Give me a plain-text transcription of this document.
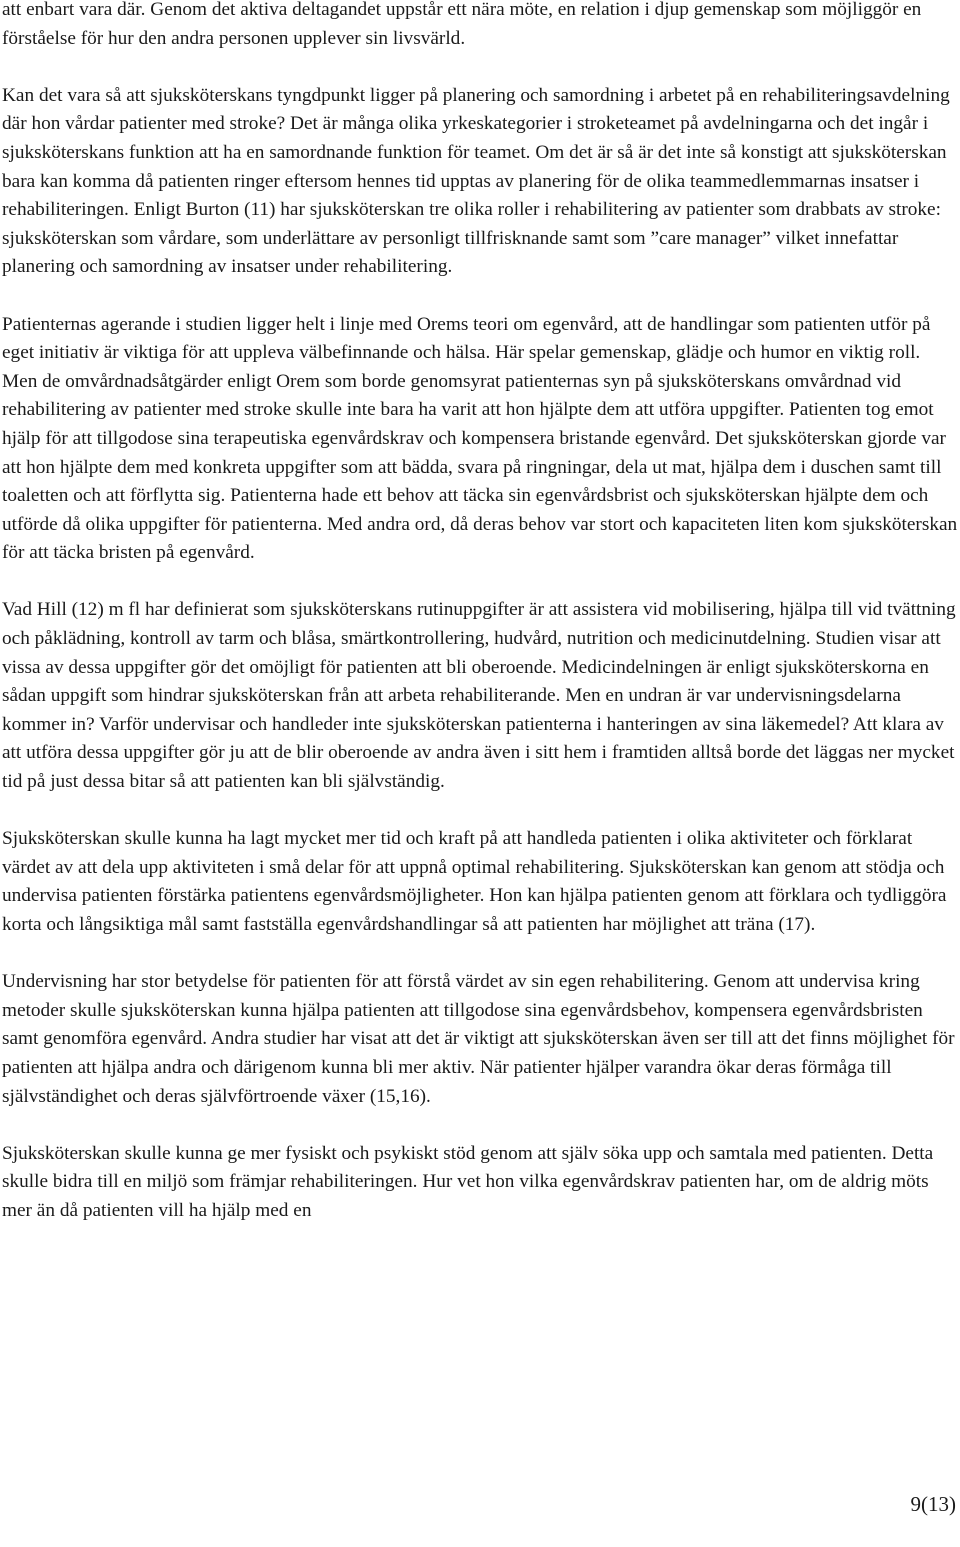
att enbart vara där. Genom det aktiva deltagandet uppstår ett nära möte, en relation i djup gemenskap som möjliggör en förståelse för hur den andra personen upplever sin livsvärld.

Kan det vara så att sjuksköterskans tyngdpunkt ligger på planering och samordning i arbetet på en rehabiliteringsavdelning där hon vårdar patienter med stroke? Det är många olika yrkeskategorier i stroketeamet på avdelningarna och det ingår i sjuksköterskans funktion att ha en samordnande funktion för teamet. Om det är så är det inte så konstigt att sjuksköterskan bara kan komma då patienten ringer eftersom hennes tid upptas av planering för de olika teammedlemmarnas insatser i rehabiliteringen. Enligt Burton (11) har sjuksköterskan tre olika roller i rehabilitering av patienter som drabbats av stroke: sjuksköterskan som vårdare, som underlättare av personligt tillfrisknande samt som ”care manager” vilket innefattar planering och samordning av insatser under rehabilitering.

Patienternas agerande i studien ligger helt i linje med Orems teori om egenvård, att de handlingar som patienten utför på eget initiativ är viktiga för att uppleva välbefinnande och hälsa. Här spelar gemenskap, glädje och humor en viktig roll. Men de omvårdnadsåtgärder enligt Orem som borde genomsyrat patienternas syn på sjuksköterskans omvårdnad vid rehabilitering av patienter med stroke skulle inte bara ha varit att hon hjälpte dem att utföra uppgifter. Patienten tog emot hjälp för att tillgodose sina terapeutiska egenvårdskrav och kompensera bristande egenvård. Det sjuksköterskan gjorde var att hon hjälpte dem med konkreta uppgifter som att bädda, svara på ringningar, dela ut mat, hjälpa dem i duschen samt till toaletten och att förflytta sig. Patienterna hade ett behov att täcka sin egenvårdsbrist och sjuksköterskan hjälpte dem och utförde då olika uppgifter för patienterna. Med andra ord, då deras behov var stort och kapaciteten liten kom sjuksköterskan för att täcka bristen på egenvård.

Vad Hill (12) m fl har definierat som sjuksköterskans rutinuppgifter är att assistera vid mobilisering, hjälpa till vid tvättning och påklädning, kontroll av tarm och blåsa, smärtkontrollering, hudvård, nutrition och medicinutdelning. Studien visar att vissa av dessa uppgifter gör det omöjligt för patienten att bli oberoende. Medicindelningen är enligt sjuksköterskorna en sådan uppgift som hindrar sjuksköterskan från att arbeta rehabiliterande. Men en undran är var undervisningsdelarna kommer in? Varför undervisar och handleder inte sjuksköterskan patienterna i hanteringen av sina läkemedel? Att klara av att utföra dessa uppgifter gör ju att de blir oberoende av andra även i sitt hem i framtiden alltså borde det läggas ner mycket tid på just dessa bitar så att patienten kan bli självständig.

Sjuksköterskan skulle kunna ha lagt mycket mer tid och kraft på att handleda patienten i olika aktiviteter och förklarat värdet av att dela upp aktiviteten i små delar för att uppnå optimal rehabilitering. Sjuksköterskan kan genom att stödja och undervisa patienten förstärka patientens egenvårdsmöjligheter. Hon kan hjälpa patienten genom att förklara och tydliggöra korta och långsiktiga mål samt fastställa egenvårdshandlingar så att patienten har möjlighet att träna (17).

Undervisning har stor betydelse för patienten för att förstå värdet av sin egen rehabilitering. Genom att undervisa kring metoder skulle sjuksköterskan kunna hjälpa patienten att tillgodose sina egenvårdsbehov, kompensera egenvårdsbristen samt genomföra egenvård. Andra studier har visat att det är viktigt att sjuksköterskan även ser till att det finns möjlighet för patienten att hjälpa andra och därigenom kunna bli mer aktiv. När patienter hjälper varandra ökar deras förmåga till självständighet och deras självförtroende växer (15,16).

Sjuksköterskan skulle kunna ge mer fysiskt och psykiskt stöd genom att själv söka upp och samtala med patienten. Detta skulle bidra till en miljö som främjar rehabiliteringen. Hur vet hon vilka egenvårdskrav patienten har, om de aldrig möts mer än då patienten vill ha hjälp med en

9(13)
